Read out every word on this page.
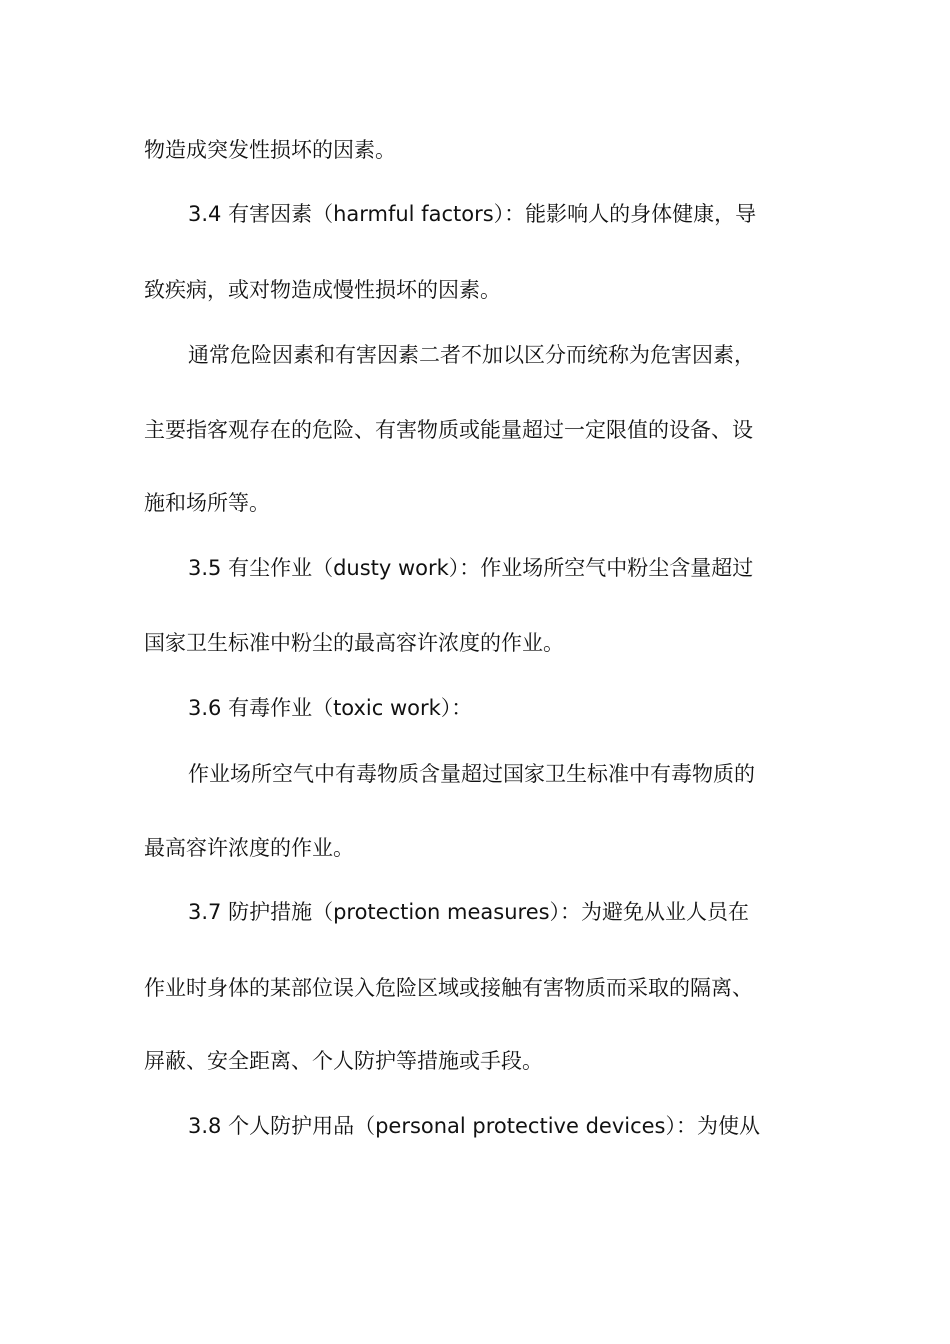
物造成突发性损坏的因素。
3.4 有害因素（harmful factors）：能影响人的身体健康，导
致疾病，或对物造成慢性损坏的因素。
通常危险因素和有害因素二者不加以区分而统称为危害因素，
主要指客观存在的危险、有害物质或能量超过一定限值的设备、设
施和场所等。
3.5 有尘作业（dusty work）：作业场所空气中粉尘含量超过
国家卫生标准中粉尘的最高容许浓度的作业。
3.6 有毒作业（toxic work）：
作业场所空气中有毒物质含量超过国家卫生标准中有毒物质的
最高容许浓度的作业。
3.7 防护措施（protection measures）：为避免从业人员在
作业时身体的某部位误入危险区域或接触有害物质而采取的隔离、
屏蔽、安全距离、个人防护等措施或手段。
3.8 个人防护用品（personal protective devices）：为使从
